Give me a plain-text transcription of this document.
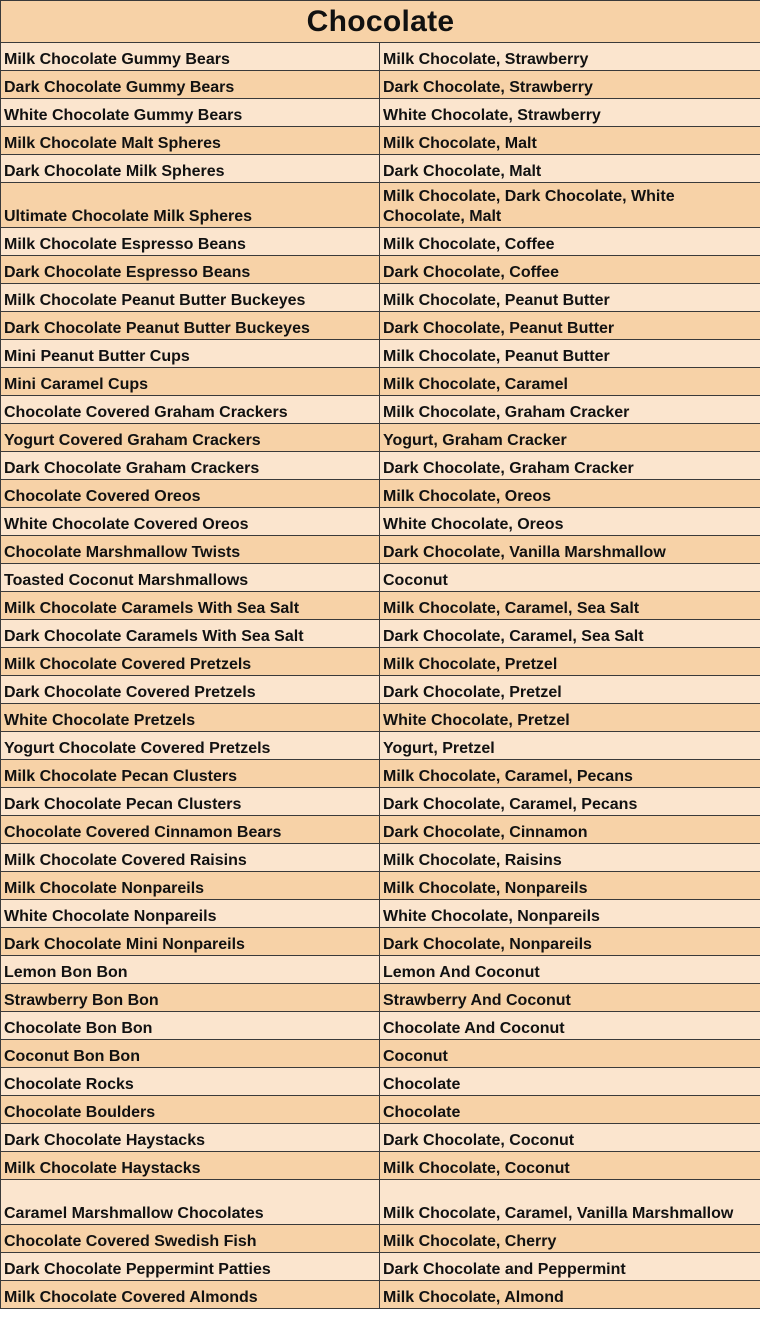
Chocolate	
Milk Chocolate Gummy Bears	Milk Chocolate, Strawberry
Dark Chocolate Gummy Bears	Dark Chocolate, Strawberry
White Chocolate Gummy Bears	White Chocolate, Strawberry
Milk Chocolate Malt Spheres	Milk Chocolate, Malt
Dark Chocolate Milk Spheres	Dark Chocolate, Malt
Ultimate Chocolate Milk Spheres	Milk Chocolate, Dark Chocolate, White Chocolate, Malt
Milk Chocolate Espresso Beans	Milk Chocolate, Coffee
Dark Chocolate Espresso Beans	Dark Chocolate, Coffee
Milk Chocolate Peanut Butter Buckeyes	Milk Chocolate, Peanut Butter
Dark Chocolate Peanut Butter Buckeyes	Dark Chocolate, Peanut Butter
Mini Peanut Butter Cups	Milk Chocolate, Peanut Butter
Mini Caramel Cups	Milk Chocolate, Caramel
Chocolate Covered Graham Crackers	Milk Chocolate, Graham Cracker
Yogurt Covered Graham Crackers	Yogurt, Graham Cracker
Dark Chocolate Graham Crackers	Dark Chocolate, Graham Cracker
Chocolate Covered Oreos	Milk Chocolate, Oreos
White Chocolate Covered Oreos	White Chocolate, Oreos
Chocolate Marshmallow Twists	Dark Chocolate, Vanilla Marshmallow
Toasted Coconut Marshmallows	Coconut
Milk Chocolate Caramels With Sea Salt	Milk Chocolate, Caramel, Sea Salt
Dark Chocolate Caramels With Sea Salt	Dark Chocolate, Caramel, Sea Salt
Milk Chocolate Covered Pretzels	Milk Chocolate, Pretzel
Dark Chocolate Covered Pretzels	Dark Chocolate, Pretzel
White Chocolate Pretzels	White Chocolate, Pretzel
Yogurt Chocolate Covered Pretzels	Yogurt, Pretzel
Milk Chocolate Pecan Clusters	Milk Chocolate, Caramel, Pecans
Dark Chocolate Pecan Clusters	Dark Chocolate, Caramel, Pecans
Chocolate Covered Cinnamon Bears	Dark Chocolate, Cinnamon
Milk Chocolate Covered Raisins	Milk Chocolate, Raisins
Milk Chocolate Nonpareils	Milk Chocolate, Nonpareils
White Chocolate Nonpareils	White Chocolate, Nonpareils
Dark Chocolate Mini Nonpareils	Dark Chocolate, Nonpareils
Lemon Bon Bon	Lemon And Coconut
Strawberry Bon Bon	Strawberry And Coconut
Chocolate Bon Bon	Chocolate And Coconut
Coconut Bon Bon	Coconut
Chocolate Rocks	Chocolate
Chocolate Boulders	Chocolate
Dark Chocolate Haystacks	Dark Chocolate, Coconut
Milk Chocolate Haystacks	Milk Chocolate, Coconut
Caramel Marshmallow Chocolates	Milk Chocolate, Caramel, Vanilla Marshmallow
Chocolate Covered Swedish Fish	Milk Chocolate, Cherry
Dark Chocolate Peppermint Patties	Dark Chocolate and Peppermint
Milk Chocolate Covered Almonds	Milk Chocolate, Almond
